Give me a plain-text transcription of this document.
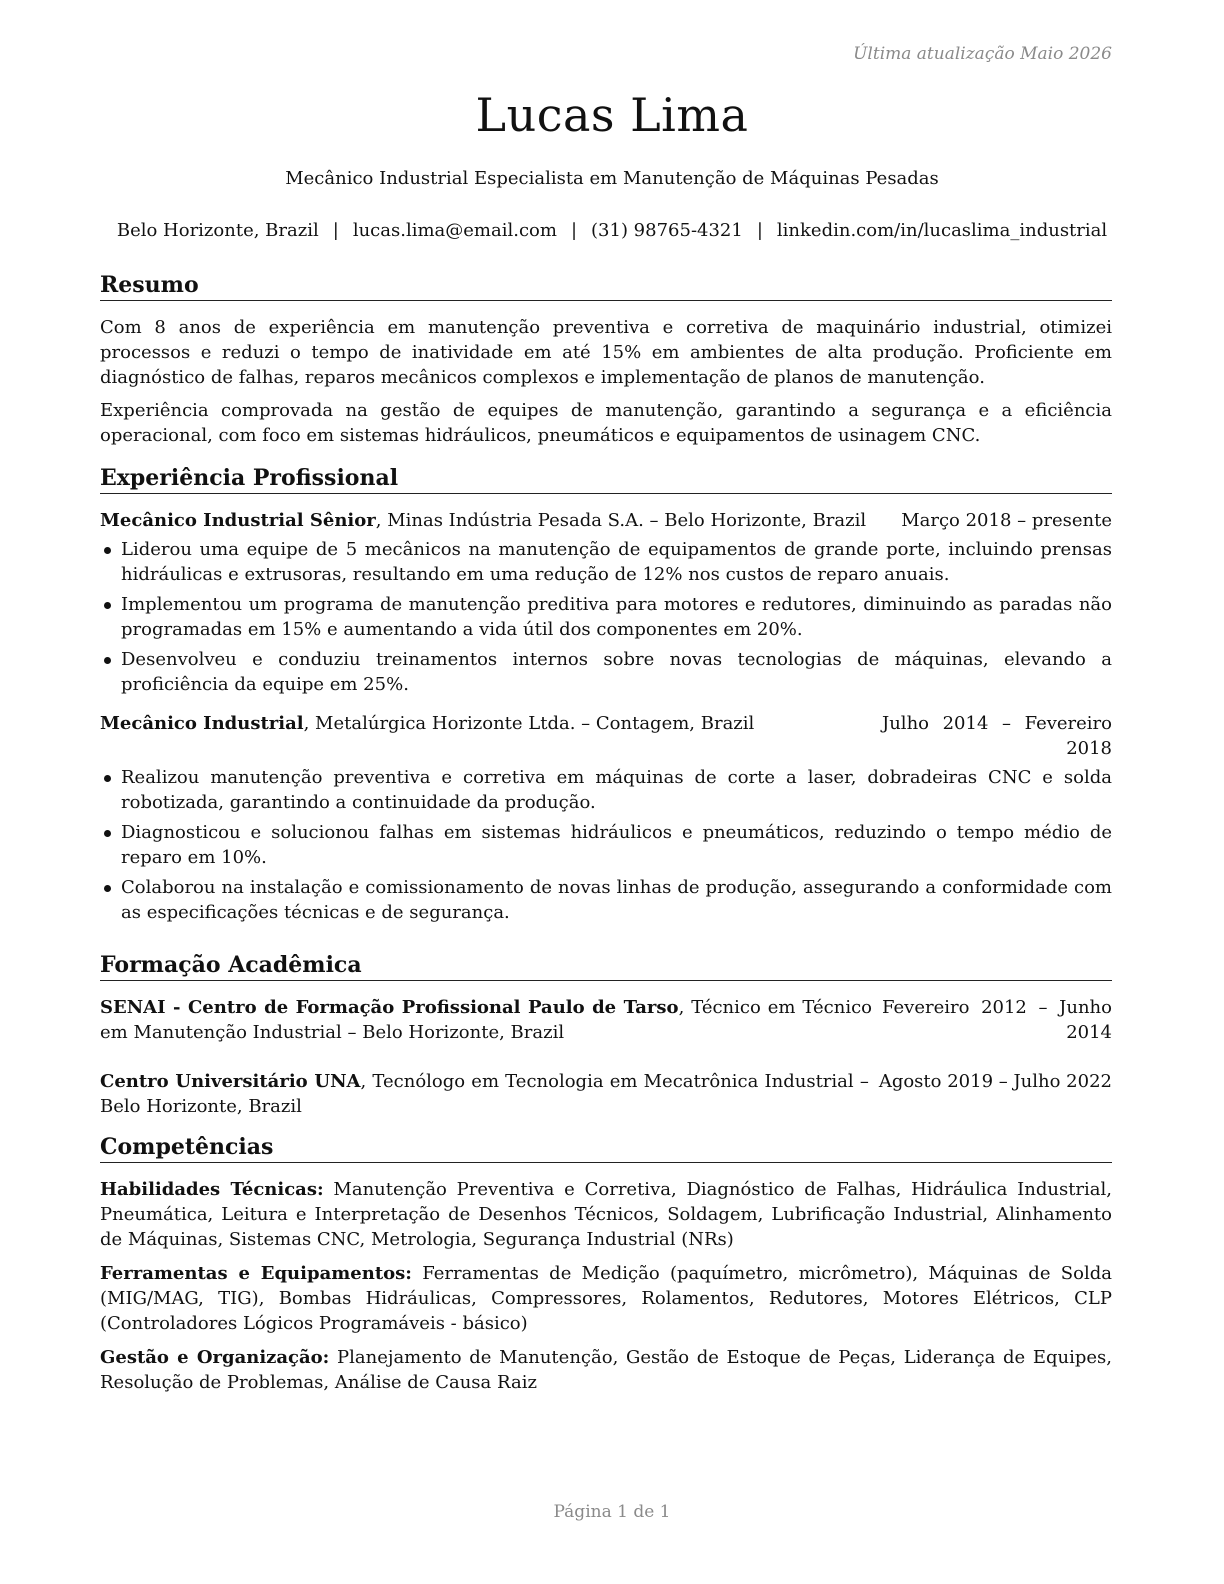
Última atualização Maio 2026
Lucas Lima
Mecânico Industrial Especialista em Manutenção de Máquinas Pesadas
Belo Horizonte, Brazil | lucas.lima@email.com | (31) 98765-4321 | linkedin.com/in/lucaslima_industrial
Resumo

Com 8 anos de experiência em manutenção preventiva e corretiva de maquinário industrial, otimizei processos e reduzi o tempo de inatividade em até 15% em ambientes de alta produção. Proficiente em diagnóstico de falhas, reparos mecânicos complexos e implementação de planos de manutenção.

Experiência comprovada na gestão de equipes de manutenção, garantindo a segurança e a eficiência operacional, com foco em sistemas hidráulicos, pneumáticos e equipamentos de usinagem CNC.

Experiência Profissional
Mecânico Industrial Sênior, Minas Indústria Pesada S.A. – Belo Horizonte, Brazil	Março 2018 – presente
Liderou uma equipe de 5 mecânicos na manutenção de equipamentos de grande porte, incluindo prensas hidráulicas e extrusoras, resultando em uma redução de 12% nos custos de reparo anuais.
Implementou um programa de manutenção preditiva para motores e redutores, diminuindo as paradas não programadas em 15% e aumentando a vida útil dos componentes em 20%.
Desenvolveu e conduziu treinamentos internos sobre novas tecnologias de máquinas, elevando a proficiência da equipe em 25%.
Mecânico Industrial, Metalúrgica Horizonte Ltda. – Contagem, Brazil	Julho 2014 – Fevereiro 2018
Realizou manutenção preventiva e corretiva em máquinas de corte a laser, dobradeiras CNC e solda robotizada, garantindo a continuidade da produção.
Diagnosticou e solucionou falhas em sistemas hidráulicos e pneumáticos, reduzindo o tempo médio de reparo em 10%.
Colaborou na instalação e comissionamento de novas linhas de produção, assegurando a conformidade com as especificações técnicas e de segurança.
Formação Acadêmica
SENAI - Centro de Formação Profissional Paulo de Tarso, Técnico em Técnico em Manutenção Industrial – Belo Horizonte, Brazil
Fevereiro 2012 – Junho 2014
Centro Universitário UNA, Tecnólogo em Tecnologia em Mecatrônica Industrial – Belo Horizonte, Brazil
Agosto 2019 – Julho 2022
Competências

Habilidades Técnicas: Manutenção Preventiva e Corretiva, Diagnóstico de Falhas, Hidráulica Industrial, Pneumática, Leitura e Interpretação de Desenhos Técnicos, Soldagem, Lubrificação Industrial, Alinhamento de Máquinas, Sistemas CNC, Metrologia, Segurança Industrial (NRs)

Ferramentas e Equipamentos: Ferramentas de Medição (paquímetro, micrômetro), Máquinas de Solda (MIG/MAG, TIG), Bombas Hidráulicas, Compressores, Rolamentos, Redutores, Motores Elétricos, CLP (Controladores Lógicos Programáveis - básico)

Gestão e Organização: Planejamento de Manutenção, Gestão de Estoque de Peças, Liderança de Equipes, Resolução de Problemas, Análise de Causa Raiz

Página 1 de 1
